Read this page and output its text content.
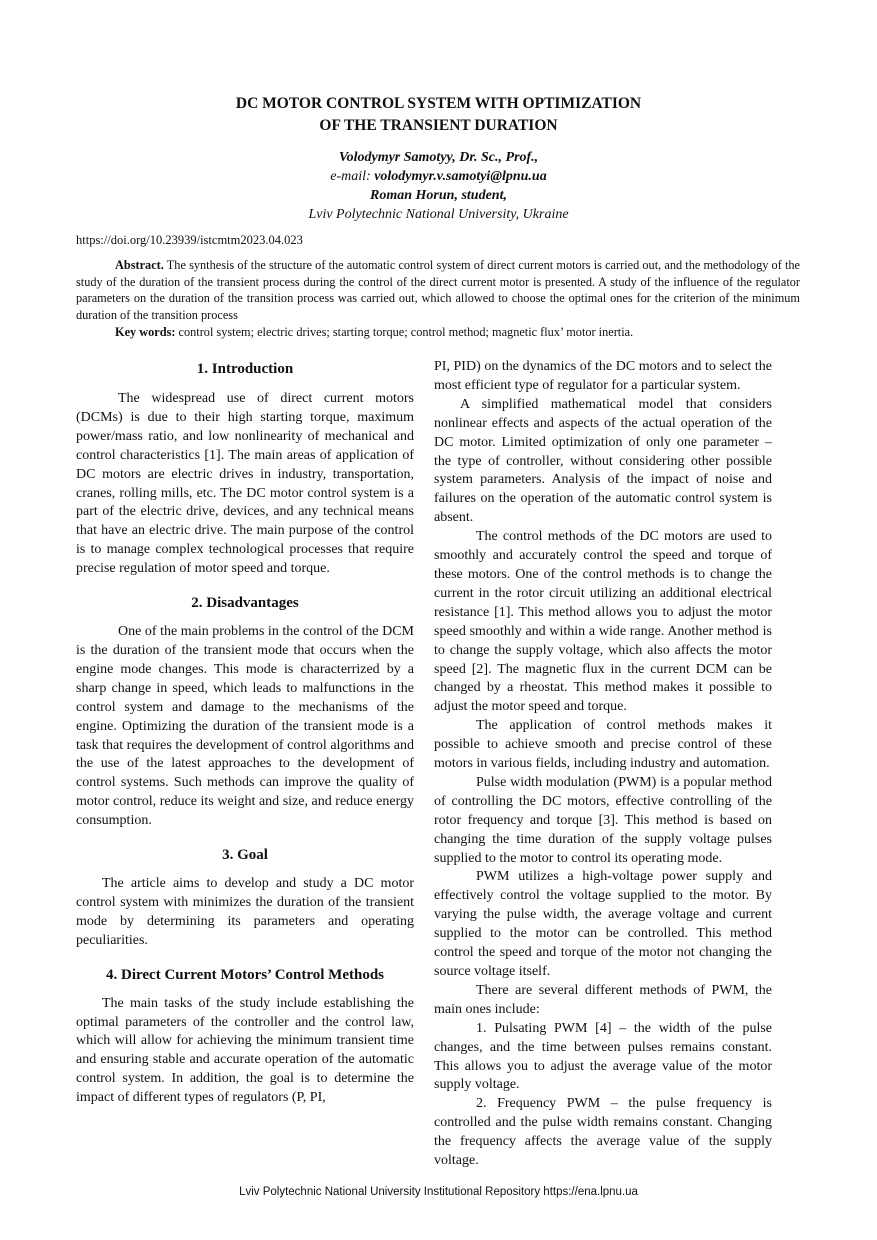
DC MOTOR CONTROL SYSTEM WITH OPTIMIZATION
OF THE TRANSIENT DURATION
Volodymyr Samotyy, Dr. Sc., Prof.,
e-mail: volodymyr.v.samotyi@lpnu.ua
Roman Horun, student,
Lviv Polytechnic National University, Ukraine
https://doi.org/10.23939/istcmtm2023.04.023

Abstract. The synthesis of the structure of the automatic control system of direct current motors is carried out, and the methodology of the study of the duration of the transient process during the control of the direct current motor is presented. A study of the influence of the regulator parameters on the duration of the transition process was carried out, which allowed to choose the optimal ones for the criterion of the minimum duration of the transition process

Key words: control system; electric drives; starting torque; control method; magnetic flux’ motor inertia.

1. Introduction

The widespread use of direct current motors (DCMs) is due to their high starting torque, maximum power/mass ratio, and low nonlinearity of mechanical and control characteristics [1]. The main areas of application of DC motors are electric drives in industry, transportation, cranes, rolling mills, etc. The DC motor control system is a part of the electric drive, devices, and any technical means that have an electric drive. The main purpose of the control is to manage complex technological processes that require precise regulation of motor speed and torque.

2. Disadvantages

One of the main problems in the control of the DCM is the duration of the transient mode that occurs when the engine mode changes. This mode is characterrized by a sharp change in speed, which leads to malfunctions in the control system and damage to the mechanisms of the engine. Optimizing the duration of the transient mode is a task that requires the development of control algorithms and the use of the latest approaches to the development of control systems. Such methods can improve the quality of motor control, reduce its weight and size, and reduce energy consumption.

3. Goal

The article aims to develop and study a DC motor control system with minimizes the duration of the transient mode by determining its parameters and operating peculiarities.

4. Direct Current Motors’ Control Methods

The main tasks of the study include establishing the optimal parameters of the controller and the control law, which will allow for achieving the minimum transient time and ensuring stable and accurate operation of the automatic control system. In addition, the goal is to determine the impact of different types of regulators (P, PI,

PI, PID) on the dynamics of the DC motors and to select the most efficient type of regulator for a particular system.

A simplified mathematical model that considers nonlinear effects and aspects of the actual operation of the DC motor. Limited optimization of only one parameter – the type of controller, without considering other possible system parameters. Analysis of the impact of noise and failures on the operation of the automatic control system is absent.

The control methods of the DC motors are used to smoothly and accurately control the speed and torque of these motors. One of the control methods is to change the current in the rotor circuit utilizing an additional electrical resistance [1]. This method allows you to adjust the motor speed smoothly and within a wide range. Another method is to change the supply voltage, which also affects the motor speed [2]. The magnetic flux in the current DCM can be changed by a rheostat. This method makes it possible to adjust the motor speed and torque.

The application of control methods makes it possible to achieve smooth and precise control of these motors in various fields, including industry and automation.

Pulse width modulation (PWM) is a popular method of controlling the DC motors, effective controlling of the rotor frequency and torque [3]. This method is based on changing the time duration of the supply voltage pulses supplied to the motor to control its operating mode.

PWM utilizes a high-voltage power supply and effectively control the voltage supplied to the motor. By varying the pulse width, the average voltage and current supplied to the motor can be controlled. This method control the speed and torque of the motor not changing the source voltage itself.

There are several different methods of PWM, the main ones include:

1. Pulsating PWM [4] – the width of the pulse changes, and the time between pulses remains constant. This allows you to adjust the average value of the motor supply voltage.

2. Frequency PWM – the pulse frequency is controlled and the pulse width remains constant. Changing the frequency affects the average value of the supply voltage.

Lviv Polytechnic National University Institutional Repository https://ena.lpnu.ua
